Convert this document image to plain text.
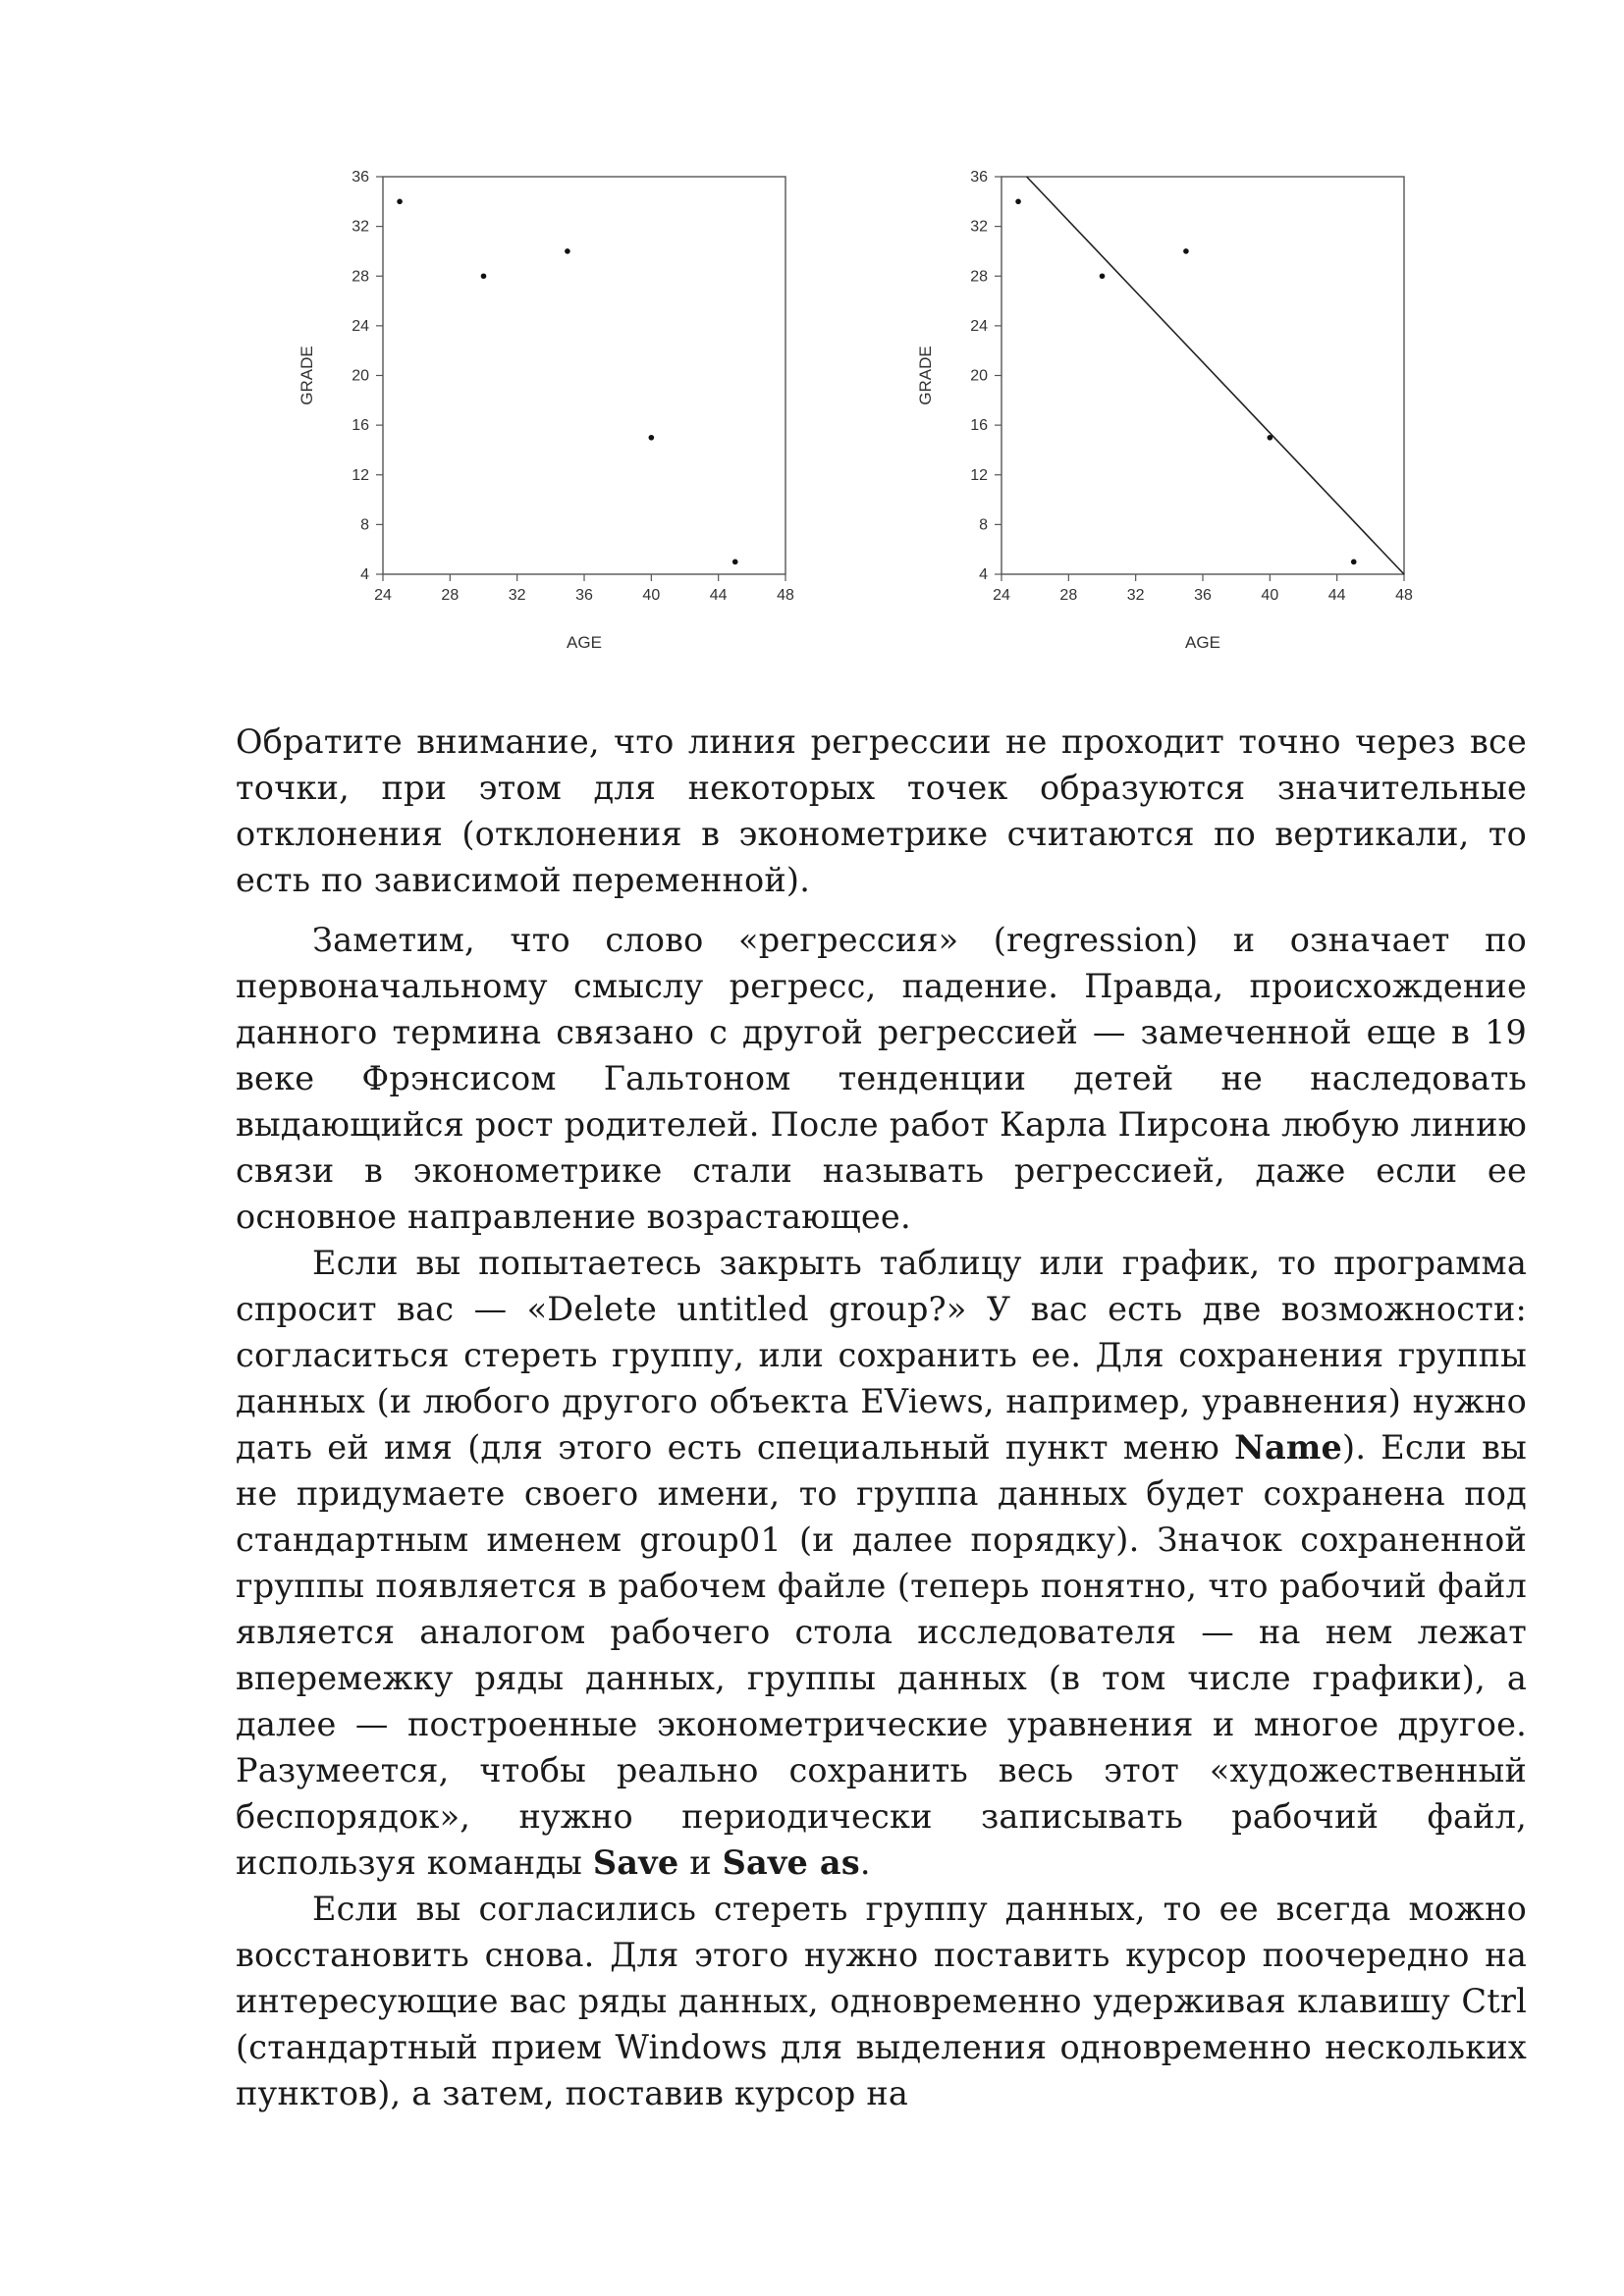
24	28	32	36	40	44	48
4
8
12
16
20
24
28
32
36
AGE
GRADE
24	28	32	36	40	44	48
4
8
12
16
20
24
28
32
36
AGE
GRADE

Обратите внимание, что линия регрессии не проходит точно через все точки, при этом для некоторых точек образуются значительные отклонения (отклонения в эконометрике считаются по вертикали, то есть по зависимой переменной).

Заметим, что слово «регрессия» (regression) и означает по первоначальному смыслу регресс, падение. Правда, происхождение данного термина связано с другой регрессией — замеченной еще в 19 веке Фрэнсисом Гальтоном тенденции детей не наследовать выдающийся рост родителей. После работ Карла Пирсона любую линию связи в эконометрике стали называть регрессией, даже если ее основное направление возрастающее.

Если вы попытаетесь закрыть таблицу или график, то программа спросит вас — «Delete untitled group?» У вас есть две возможности: согласиться стереть группу, или сохранить ее. Для сохранения группы данных (и любого другого объекта EViews, например, уравнения) нужно дать ей имя (для этого есть специальный пункт меню Name). Если вы не придумаете своего имени, то группа данных будет сохранена под стандартным именем group01 (и далее порядку). Значок сохраненной группы появляется в рабочем файле (теперь понятно, что рабочий файл является аналогом рабочего стола исследователя — на нем лежат вперемежку ряды данных, группы данных (в том числе графики), а далее — построенные эконометрические уравнения и многое другое. Разумеется, чтобы реально сохранить весь этот «художественный беспорядок», нужно периодически записывать рабочий файл, используя команды Save и Save as.

Если вы согласились стереть группу данных, то ее всегда можно восстановить снова. Для этого нужно поставить курсор поочередно на интересующие вас ряды данных, одновременно удерживая клавишу Ctrl (стандартный прием Windows для выделения одновременно нескольких пунктов), а затем, поставив курсор на
